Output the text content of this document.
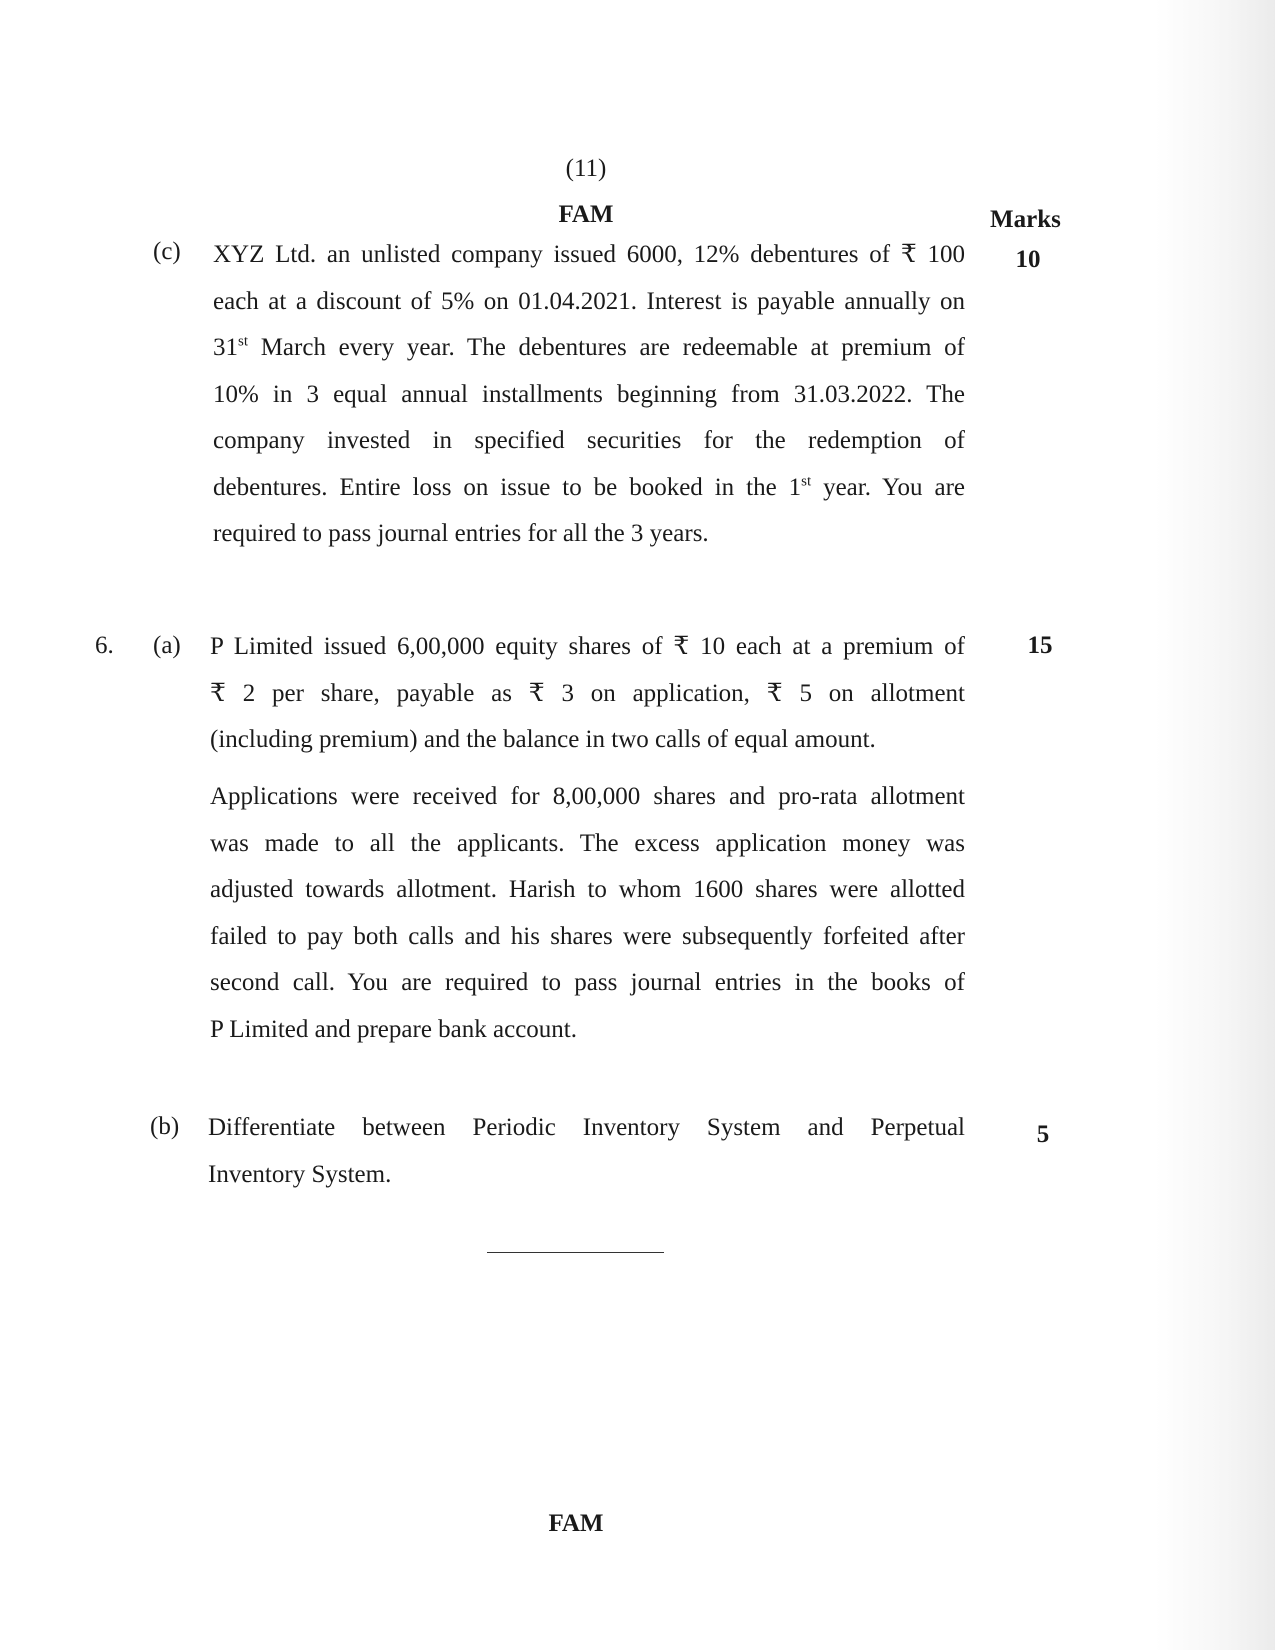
(11)
FAM	Marks
(c)	10
XYZ Ltd. an unlisted company issued 6000, 12% debentures of ₹ 100
each at a discount of 5% on 01.04.2021. Interest is payable annually on
31st March every year. The debentures are redeemable at premium of
10% in 3 equal annual installments beginning from 31.03.2022. The
company invested in specified securities for the redemption of
debentures. Entire loss on issue to be booked in the 1st year. You are
required to pass journal entries for all the 3 years.
6. (a)	15
P Limited issued 6,00,000 equity shares of ₹ 10 each at a premium of
₹ 2 per share, payable as ₹ 3 on application, ₹ 5 on allotment
(including premium) and the balance in two calls of equal amount.
Applications were received for 8,00,000 shares and pro-rata allotment
was made to all the applicants. The excess application money was
adjusted towards allotment. Harish to whom 1600 shares were allotted
failed to pay both calls and his shares were subsequently forfeited after
second call. You are required to pass journal entries in the books of
P Limited and prepare bank account.
(b)	5
Differentiate between Periodic Inventory System and Perpetual
Inventory System.
FAM
